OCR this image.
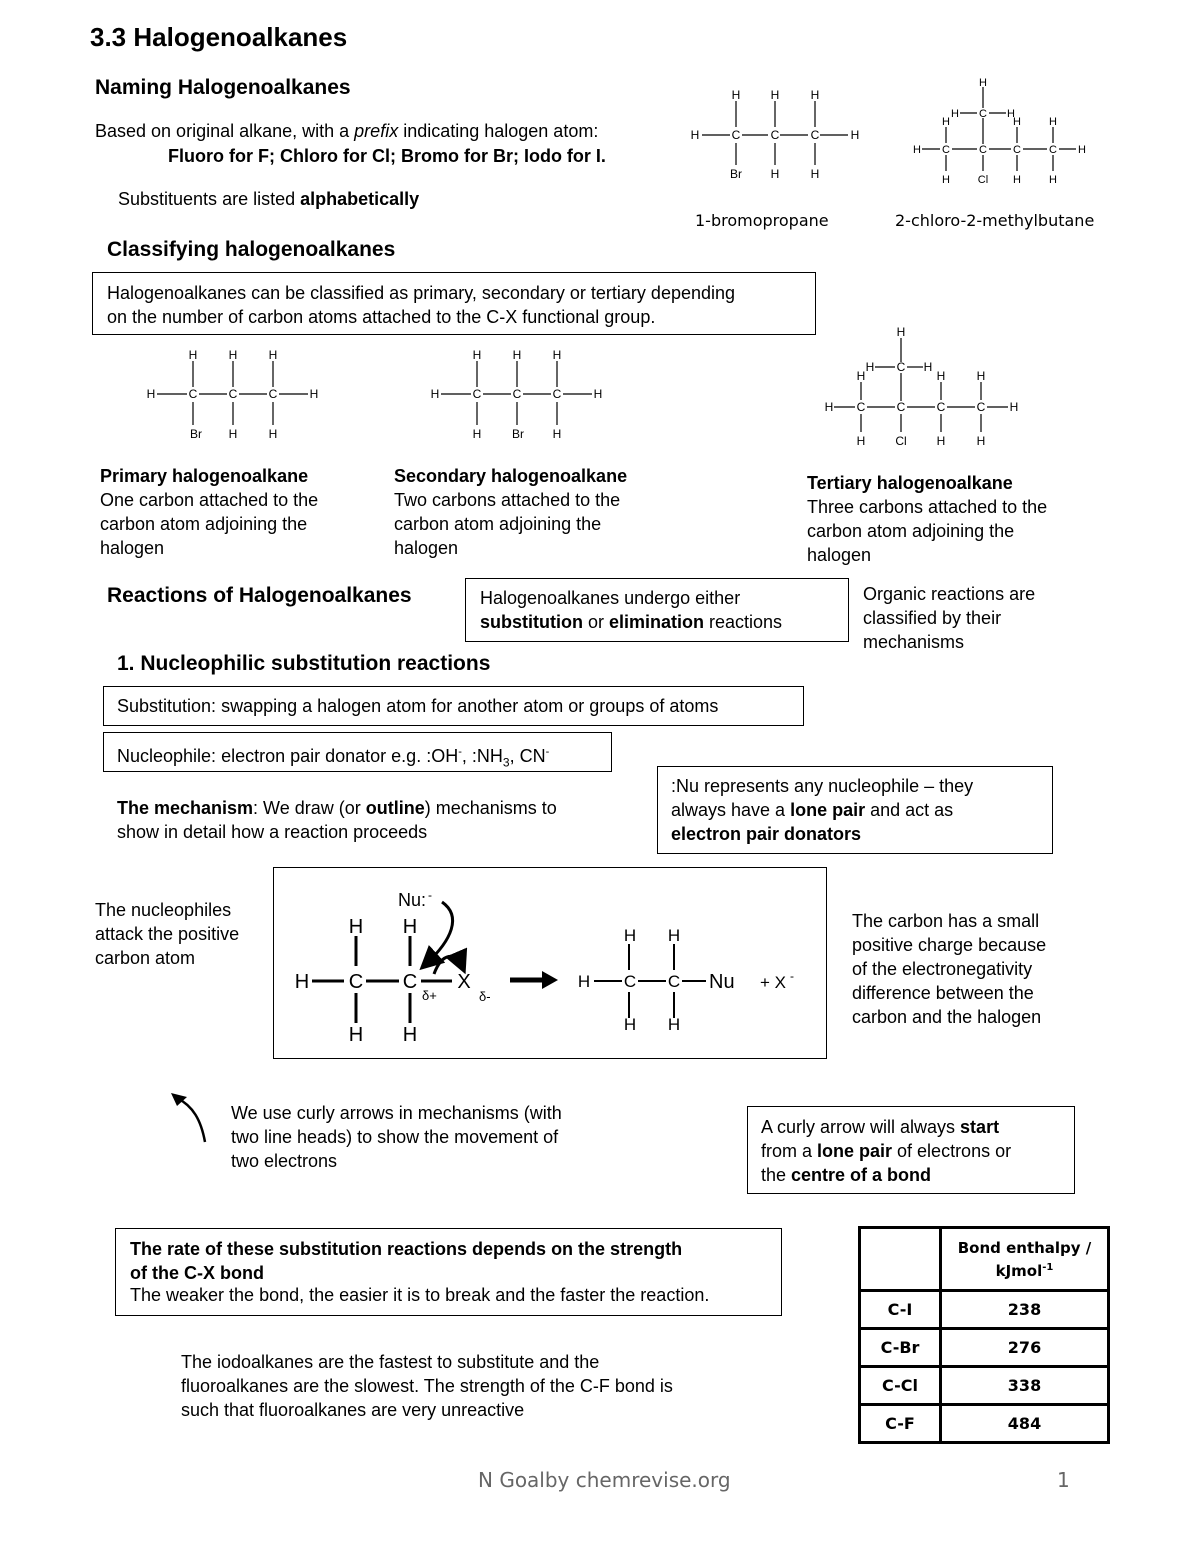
3.3 Halogenoalkanes
Naming Halogenoalkanes
Based on original alkane, with a prefix indicating halogen atom:
Fluoro for F; Chloro for Cl; Bromo for Br; Iodo for I.
Substituents are listed alphabetically
H	C	C	C	H
H	H	H
Br H	H
1-bromopropane
H
H C H
H	H	H
H C	C C	C H
H	Cl H	H
2-chloro-2-methylbutane
Classifying halogenoalkanes
Halogenoalkanes can be classified as primary, secondary or tertiary depending
on the number of carbon atoms attached to the C-X functional group.
H	C	C	C	H
H	H	H
Br H	H
H	C	C	C	H
H	H	H
H	Br H
H
H C H
H	H	H
H C	C	C	C H
H Cl H	H
Primary halogenoalkane
One carbon attached to the
carbon atom adjoining the
halogen
Secondary halogenoalkane
Two carbons attached to the
carbon atom adjoining the
halogen
Tertiary halogenoalkane
Three carbons attached to the
carbon atom adjoining the
halogen
Reactions of Halogenoalkanes	Halogenoalkanes undergo either
substitution or elimination reactions
Organic reactions are
classified by their
mechanisms
1. Nucleophilic substitution reactions
Substitution: swapping a halogen atom for another atom or groups of atoms
Nucleophile: electron pair donator e.g. :OH-, $:NH_3$, CN-
The mechanism: We draw (or outline) mechanisms to
show in detail how a reaction proceeds
:Nu represents any nucleophile – they
always have a lone pair and act as
electron pair donators
The nucleophiles
attack the positive
carbon atom
H C C X
H H
H H
Nu: -
δ+	δ-
H C C
H H
H H
Nu + X -
The carbon has a small
positive charge because
of the electronegativity
difference between the
carbon and the halogen
We use curly arrows in mechanisms (with
two line heads) to show the movement of
two electrons
A curly arrow will always start
from a lone pair of electrons or
the centre of a bond
The rate of these substitution reactions depends on the strength
of the C-X bond
The weaker the bond, the easier it is to break and the faster the reaction.
The iodoalkanes are the fastest to substitute and the
fluoroalkanes are the slowest. The strength of the C-F bond is
such that fluoroalkanes are very unreactive
	Bond enthalpy /
kJmol$^{-1}$
C-I	238
C-Br	276
C-Cl	338
C-F	484
N Goalby chemrevise.org	1
